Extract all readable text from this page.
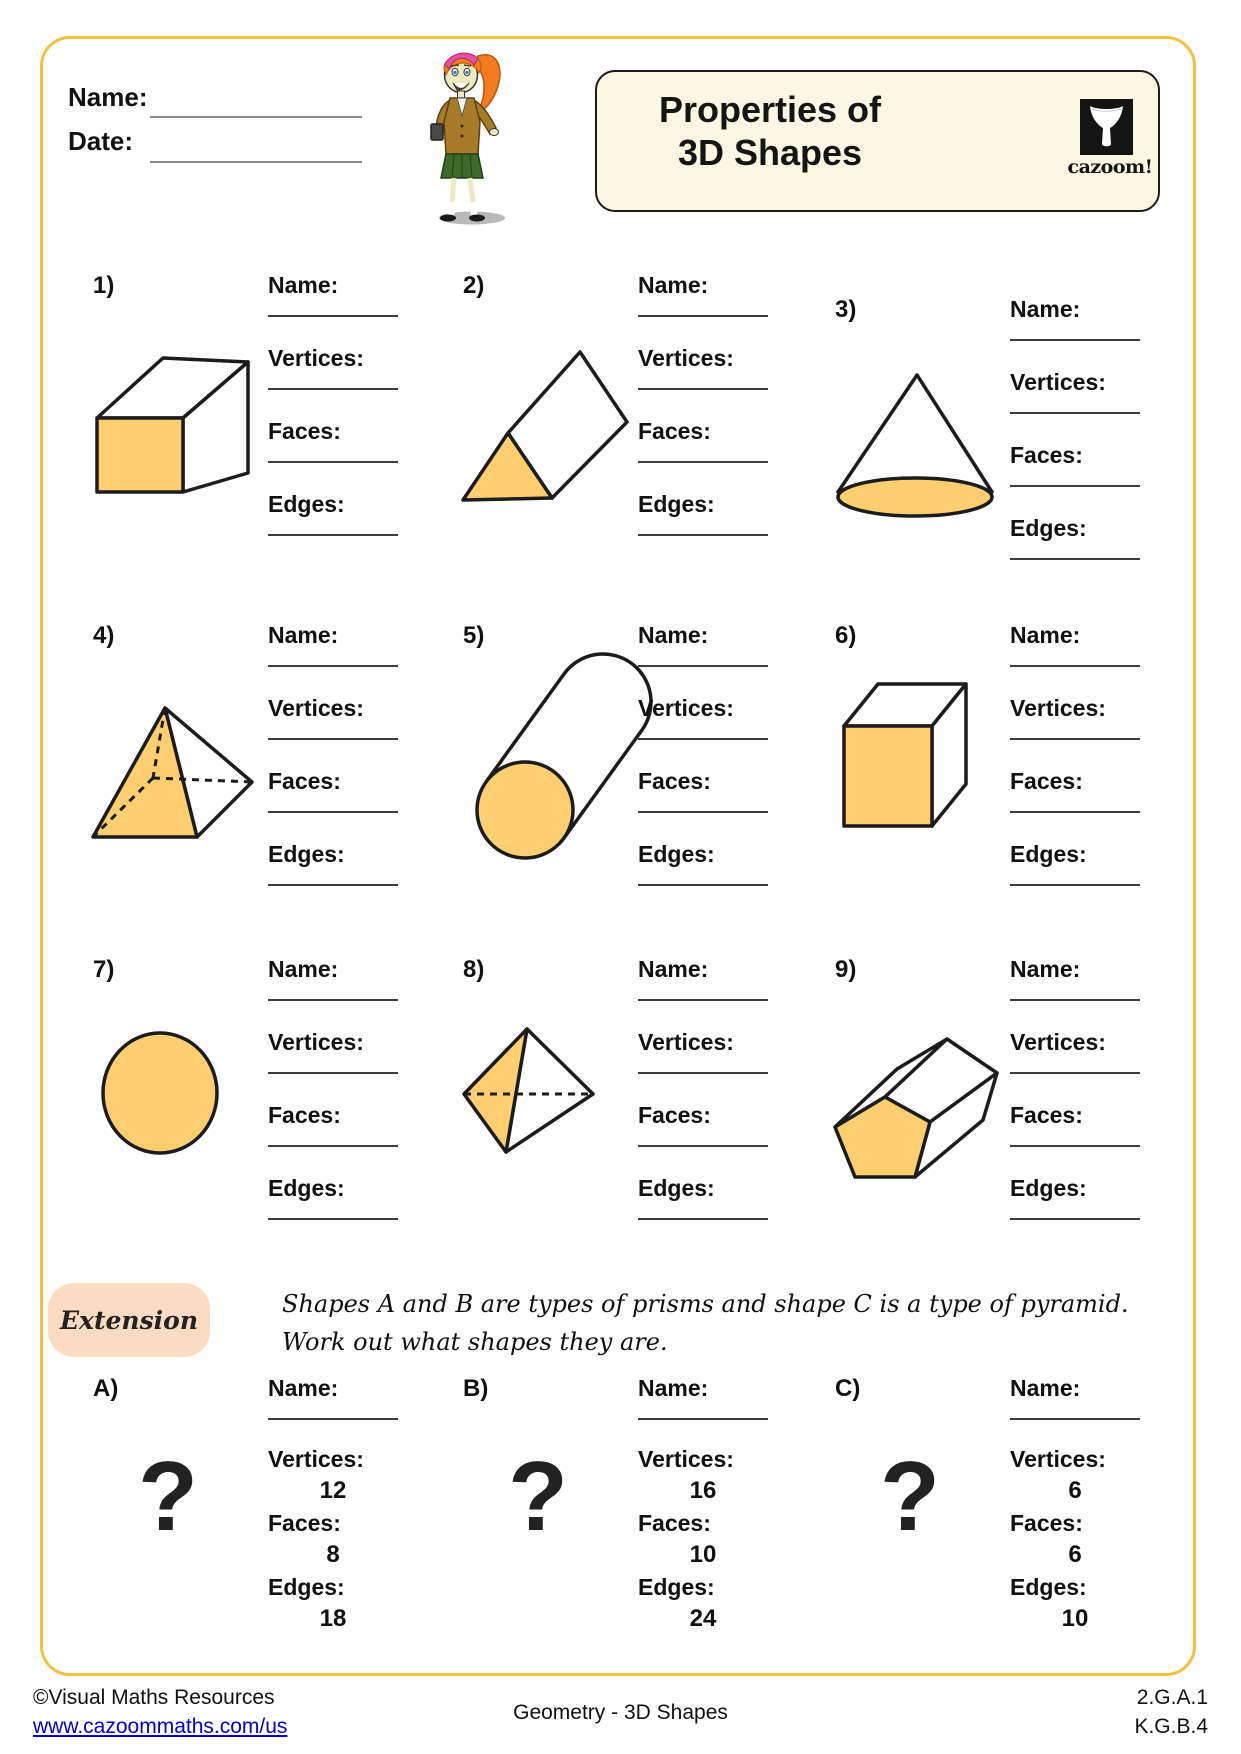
Name:
Date:
Properties of
3D Shapes	cazoom!
1)	Name:
Vertices:
Faces:
Edges:
2)	Name:
Vertices:
Faces:
Edges:
3)	Name:
Vertices:
Faces:
Edges:
4)	Name:
Vertices:
Faces:
Edges:
5)	Name:
Vertices:
Faces:
Edges:
6)	Name:
Vertices:
Faces:
Edges:
7)	Name:
Vertices:
Faces:
Edges:
8)	Name:
Vertices:
Faces:
Edges:
9)	Name:
Vertices:
Faces:
Edges:
Extension
Shapes A and B are types of prisms and shape C is a type of pyramid.
Work out what shapes they are.
A)
?
Name:
Vertices:
12
Faces:
8
Edges:
18
B)
?
Name:
Vertices:
16
Faces:
10
Edges:
24
C)
?
Name:
Vertices:
6
Faces:
6
Edges:
10
©Visual Maths Resources
www.cazoommaths.com/us
Geometry - 3D Shapes
2.G.A.1
K.G.B.4
